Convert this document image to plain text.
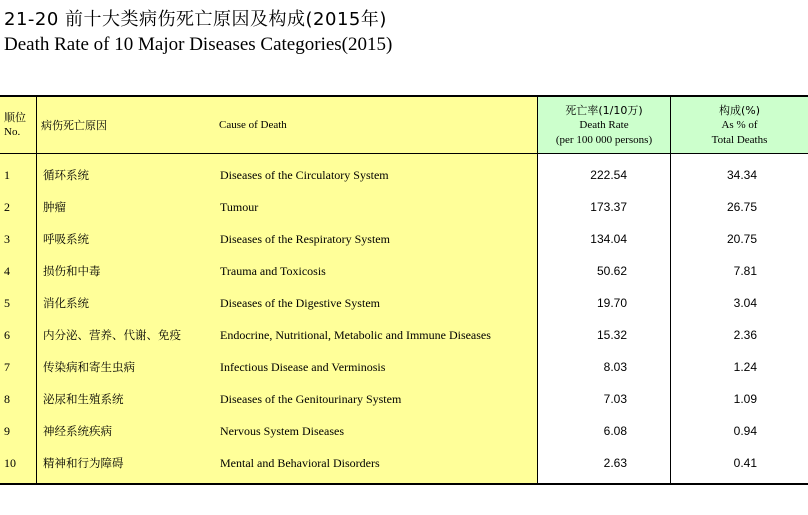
21-20 前十大类病伤死亡原因及构成(2015年)
Death Rate of 10 Major Diseases Categories(2015)
顺位
No.
病伤死亡原因	Cause of Death
死亡率(1/10万)
Death Rate
(per 100 000 persons)
构成(%)
As % of
Total Deaths
1
2
3
4
5
6
7
8
9
10
循环系统
肿瘤
呼吸系统
损伤和中毒
消化系统
内分泌、营养、代谢、免疫
传染病和寄生虫病
泌尿和生殖系统
神经系统疾病
精神和行为障碍
Diseases of the Circulatory System
Tumour
Diseases of the Respiratory System
Trauma and Toxicosis
Diseases of the Digestive System
Endocrine, Nutritional, Metabolic and Immune Diseases
Infectious Disease and Verminosis
Diseases of the Genitourinary System
Nervous System Diseases
Mental and Behavioral Disorders
222.54
173.37
134.04
50.62
19.70
15.32
8.03
7.03
6.08
2.63
34.34
26.75
20.75
7.81
3.04
2.36
1.24
1.09
0.94
0.41
